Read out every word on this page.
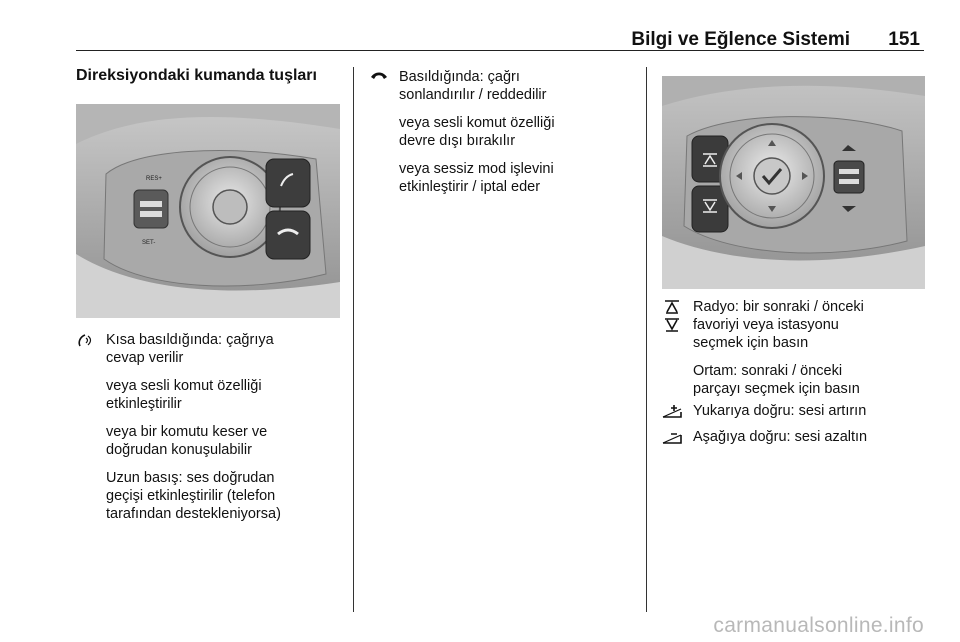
Bilgi ve Eğlence Sistemi 151
Direksiyondaki kumanda tuşları
RES+
SET-
Kısa basıldığında: çağrıya
cevap verilir
veya sesli komut özelliği
etkinleştirilir
veya bir komutu keser ve
doğrudan konuşulabilir
Uzun basış: ses doğrudan
geçişi etkinleştirilir (telefon
tarafından destekleniyorsa)
Basıldığında: çağrı
sonlandırılır / reddedilir
veya sesli komut özelliği
devre dışı bırakılır
veya sessiz mod işlevini
etkinleştirir / iptal eder
Radyo: bir sonraki / önceki
favoriyi veya istasyonu
seçmek için basın
Ortam: sonraki / önceki
parçayı seçmek için basın
Yukarıya doğru: sesi artırın
Aşağıya doğru: sesi azaltın
carmanualsonline.info
